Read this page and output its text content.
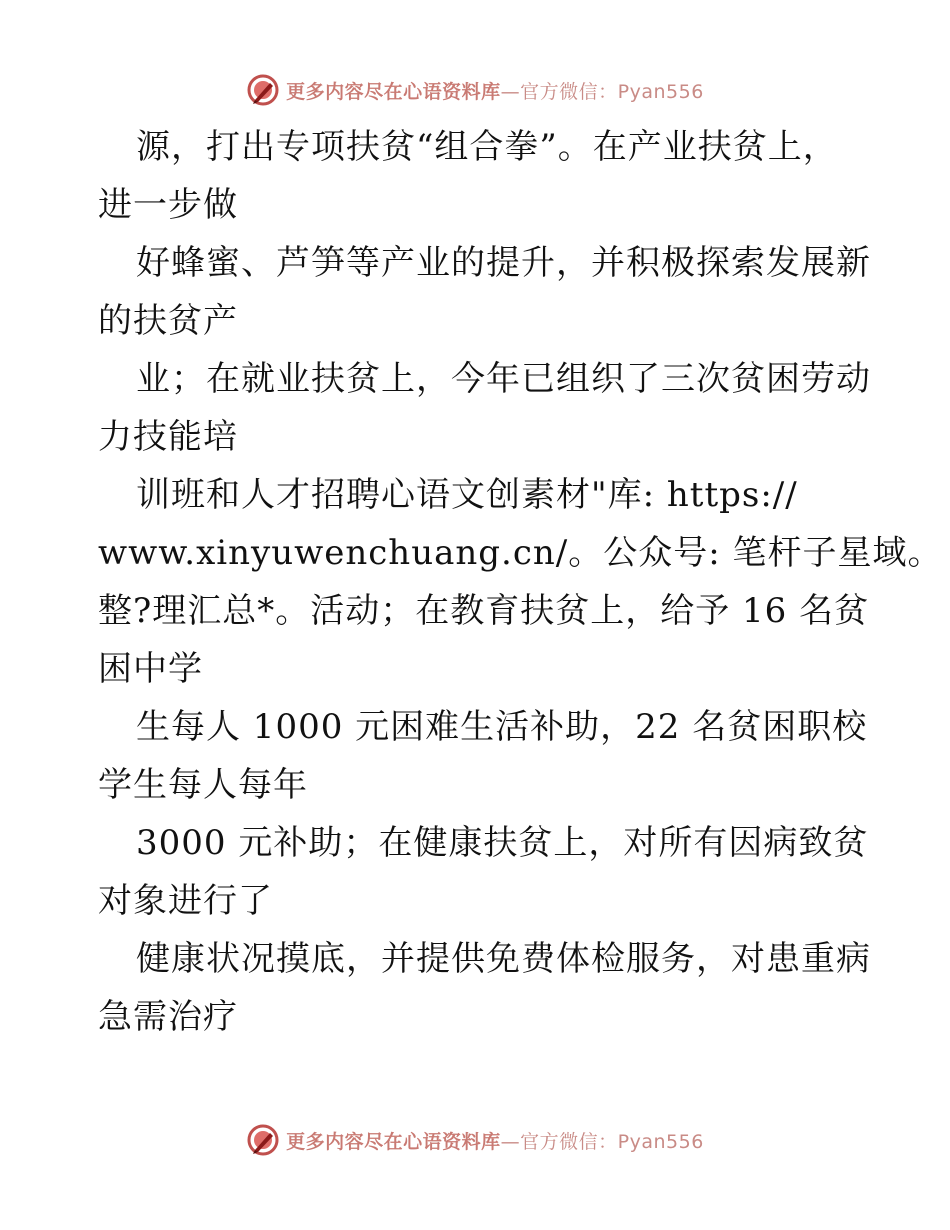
更多内容尽在心语资料库—官方微信：Pyan556
源，打出专项扶贫“组合拳”。在产业扶贫上，
进一步做
好蜂蜜、芦笋等产业的提升，并积极探索发展新
的扶贫产
业；在就业扶贫上，今年已组织了三次贫困劳动
力技能培
训班和人才招聘心语文创素材"库: https://
www.xinyuwenchuang.cn/。公众号: 笔杆子星域。
整?理汇总*。活动；在教育扶贫上，给予 16 名贫
困中学
生每人 1000 元困难生活补助，22 名贫困职校
学生每人每年
3000 元补助；在健康扶贫上，对所有因病致贫
对象进行了
健康状况摸底，并提供免费体检服务，对患重病
急需治疗
更多内容尽在心语资料库—官方微信：Pyan556
